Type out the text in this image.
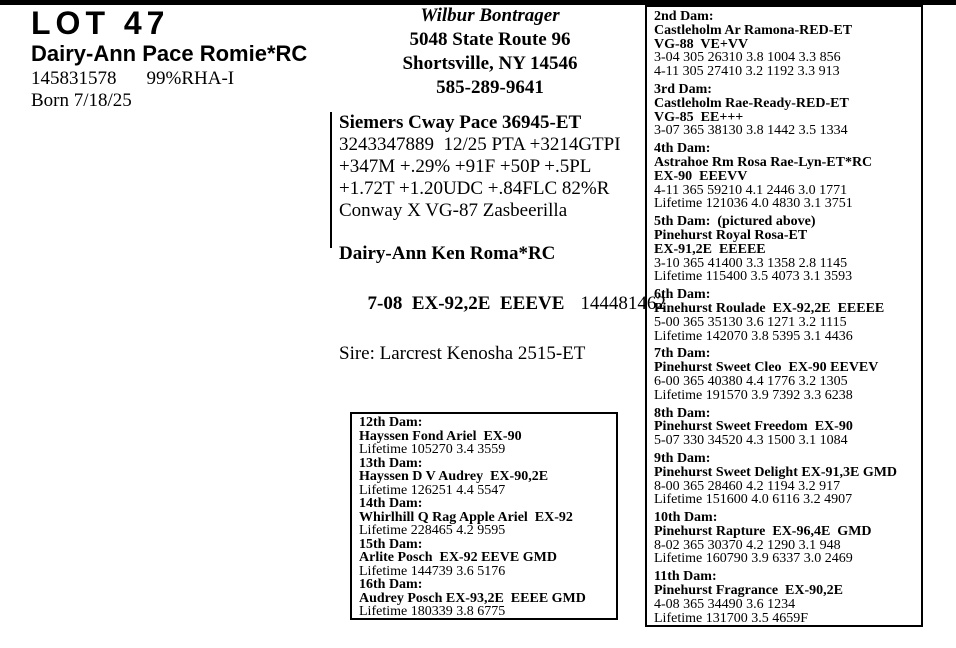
LOT 47
Dairy-Ann Pace Romie*RC
145831578 99%RHA-I
Born 7/18/25
Wilbur Bontrager
5048 State Route 96
Shortsville, NY 14546
585-289-9641
Siemers Cway Pace 36945-ET
3243347889  12/25 PTA +3214GTPI
+347M +.29% +91F +50P +.5PL
+1.72T +1.20UDC +.84FLC 82%R
Conway X VG-87 Zasbeerilla
Dairy-Ann Ken Roma*RC

7-08  EX-92,2E  EEEVE 144481462

Sire: Larcrest Kenosha 2515-ET
12th Dam:
Hayssen Fond Ariel  EX-90
Lifetime 105270 3.4 3559
13th Dam:
Hayssen D V Audrey  EX-90,2E
Lifetime 126251 4.4 5547
14th Dam:
Whirlhill Q Rag Apple Ariel  EX-92
Lifetime 228465 4.2 9595
15th Dam:
Arlite Posch  EX-92 EEVE GMD
Lifetime 144739 3.6 5176
16th Dam:
Audrey Posch EX-93,2E  EEEE GMD
Lifetime 180339 3.8 6775
2nd Dam:
Castleholm Ar Ramona-RED-ET
VG-88  VE+VV
3-04 305 26310 3.8 1004 3.3 856
4-11 305 27410 3.2 1192 3.3 913
3rd Dam:
Castleholm Rae-Ready-RED-ET
VG-85  EE+++
3-07 365 38130 3.8 1442 3.5 1334
4th Dam:
Astrahoe Rm Rosa Rae-Lyn-ET*RC
EX-90  EEEVV
4-11 365 59210 4.1 2446 3.0 1771
Lifetime 121036 4.0 4830 3.1 3751
5th Dam:  (pictured above)
Pinehurst Royal Rosa-ET
EX-91,2E  EEEEE
3-10 365 41400 3.3 1358 2.8 1145
Lifetime 115400 3.5 4073 3.1 3593
6th Dam:
Pinehurst Roulade  EX-92,2E  EEEEE
5-00 365 35130 3.6 1271 3.2 1115
Lifetime 142070 3.8 5395 3.1 4436
7th Dam:
Pinehurst Sweet Cleo  EX-90 EEVEV
6-00 365 40380 4.4 1776 3.2 1305
Lifetime 191570 3.9 7392 3.3 6238
8th Dam:
Pinehurst Sweet Freedom  EX-90
5-07 330 34520 4.3 1500 3.1 1084
9th Dam:
Pinehurst Sweet Delight EX-91,3E GMD
8-00 365 28460 4.2 1194 3.2 917
Lifetime 151600 4.0 6116 3.2 4907
10th Dam:
Pinehurst Rapture  EX-96,4E  GMD
8-02 365 30370 4.2 1290 3.1 948
Lifetime 160790 3.9 6337 3.0 2469
11th Dam:
Pinehurst Fragrance  EX-90,2E
4-08 365 34490 3.6 1234
Lifetime 131700 3.5 4659F
